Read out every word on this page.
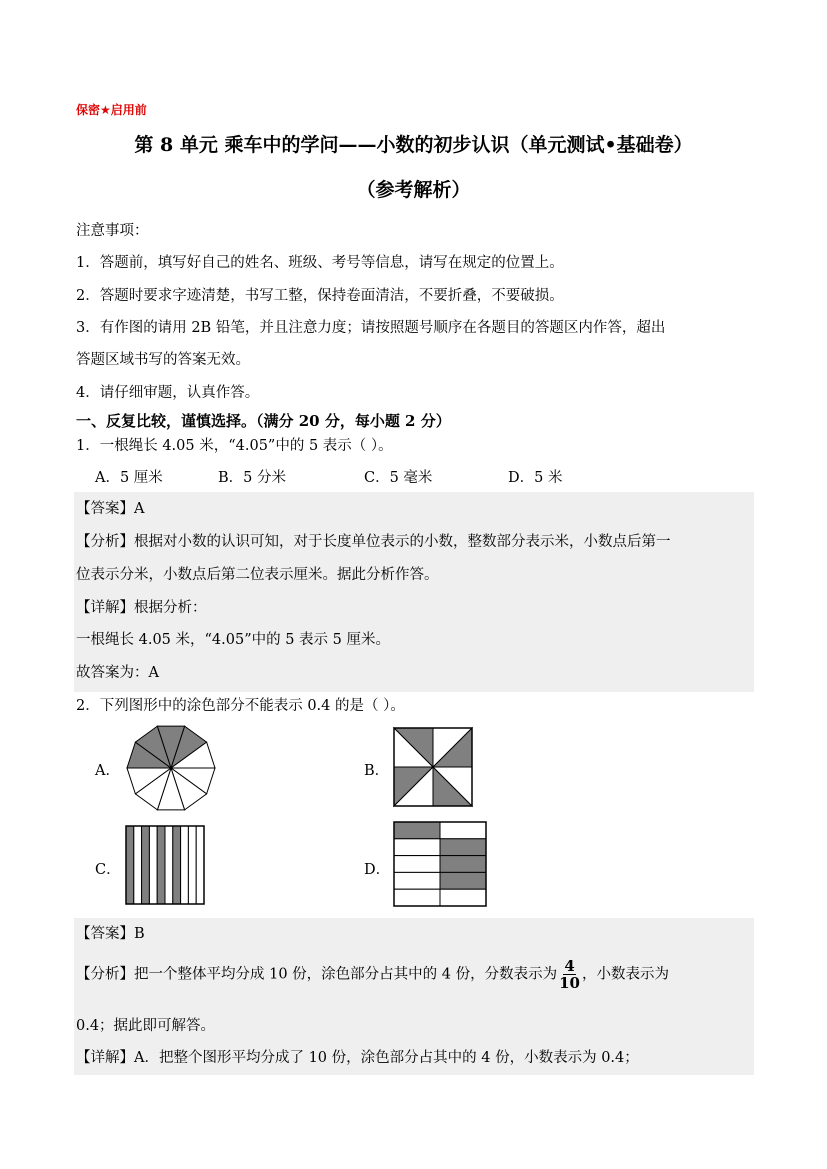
保密★启用前
第 8 单元 乘车中的学问——小数的初步认识（单元测试•基础卷）
（参考解析）
注意事项：
1．答题前，填写好自己的姓名、班级、考号等信息，请写在规定的位置上。
2．答题时要求字迹清楚，书写工整，保持卷面清洁，不要折叠，不要破损。
3．有作图的请用 2B 铅笔，并且注意力度；请按照题号顺序在各题目的答题区内作答，超出
答题区域书写的答案无效。
4．请仔细审题，认真作答。
一、反复比较，谨慎选择。（满分 20 分，每小题 2 分）
1．一根绳长 4.05 米，“4.05”中的 5 表示（ ）。
A．5 厘米	B．5 分米	C．5 毫米	D．5 米
【答案】A
【分析】根据对小数的认识可知，对于长度单位表示的小数，整数部分表示米，小数点后第一
位表示分米，小数点后第二位表示厘米。据此分析作答。
【详解】根据分析：
一根绳长 4.05 米，“4.05”中的 5 表示 5 厘米。
故答案为：A
2．下列图形中的涂色部分不能表示 0.4 的是（ ）。
A．	B．
C．	D．
【答案】B
【分析】把一个整体平均分成 10 份，涂色部分占其中的 4 份，分数表示为 $\frac{4}{10}$ ，小数表示为
0.4；据此即可解答。
【详解】A．把整个图形平均分成了 10 份，涂色部分占其中的 4 份，小数表示为 0.4；
